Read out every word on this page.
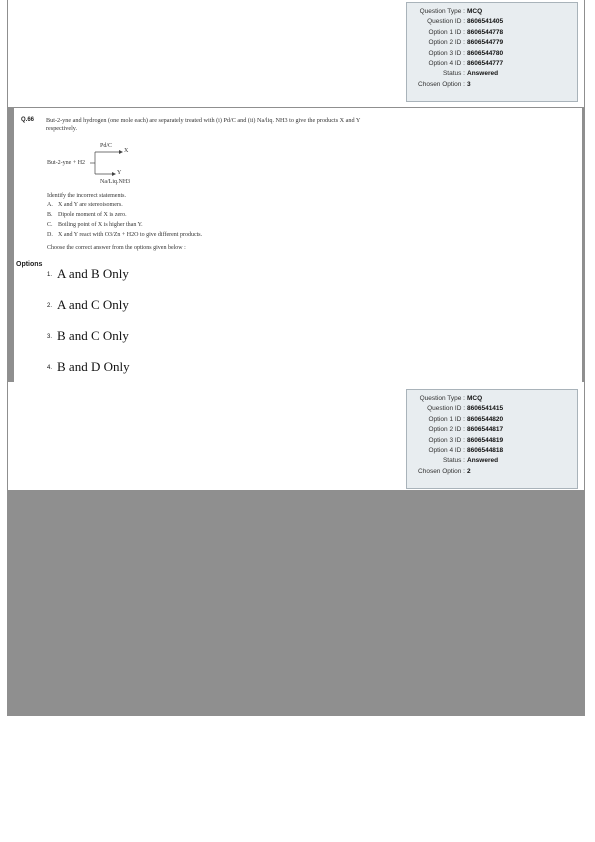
Question Type : MCQ
Question ID : 8606541405
Option 1 ID : 8606544778
Option 2 ID : 8606544779
Option 3 ID : 8606544780
Option 4 ID : 8606544777
Status : Answered
Chosen Option : 3
Q.66 But-2-yne and hydrogen (one mole each) are separately treated with (i) Pd/C and (ii) Na/liq. NH3 to give the products X and Y respectively.
Pd/C
But-2-yne + H2
X
Y
Na/Liq.NH3
Identify the incorrect statements.
A. X and Y are stereoisomers.
B. Dipole moment of X is zero.
C. Boiling point of X is higher than Y.
D. X and Y react with O3/Zn + H2O to give different products.
Choose the correct answer from the options given below :
Options
1. A and B Only
2. A and C Only
3. B and C Only
4. B and D Only
Question Type : MCQ
Question ID : 8606541415
Option 1 ID : 8606544820
Option 2 ID : 8606544817
Option 3 ID : 8606544819
Option 4 ID : 8606544818
Status : Answered
Chosen Option : 2
